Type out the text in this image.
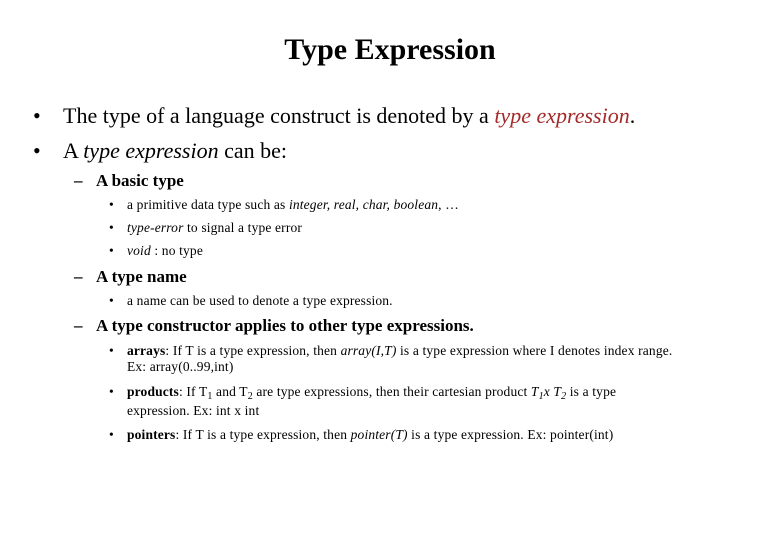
Type Expression
• The type of a language construct is denoted by a type expression.
• A type expression can be:
– A basic type
• a primitive data type such as integer, real, char, boolean, …
• type-error to signal a type error
• void : no type
– A type name
• a name can be used to denote a type expression.
– A type constructor applies to other type expressions.
• arrays: If T is a type expression, then array(I,T) is a type expression where I denotes index range.
Ex: array(0..99,int)
• products: If $T_1$ and $T_2$ are type expressions, then their cartesian product $T_1x$ $T_2$ is a type
expression. Ex: int x int
• pointers: If T is a type expression, then pointer(T) is a type expression. Ex: pointer(int)
